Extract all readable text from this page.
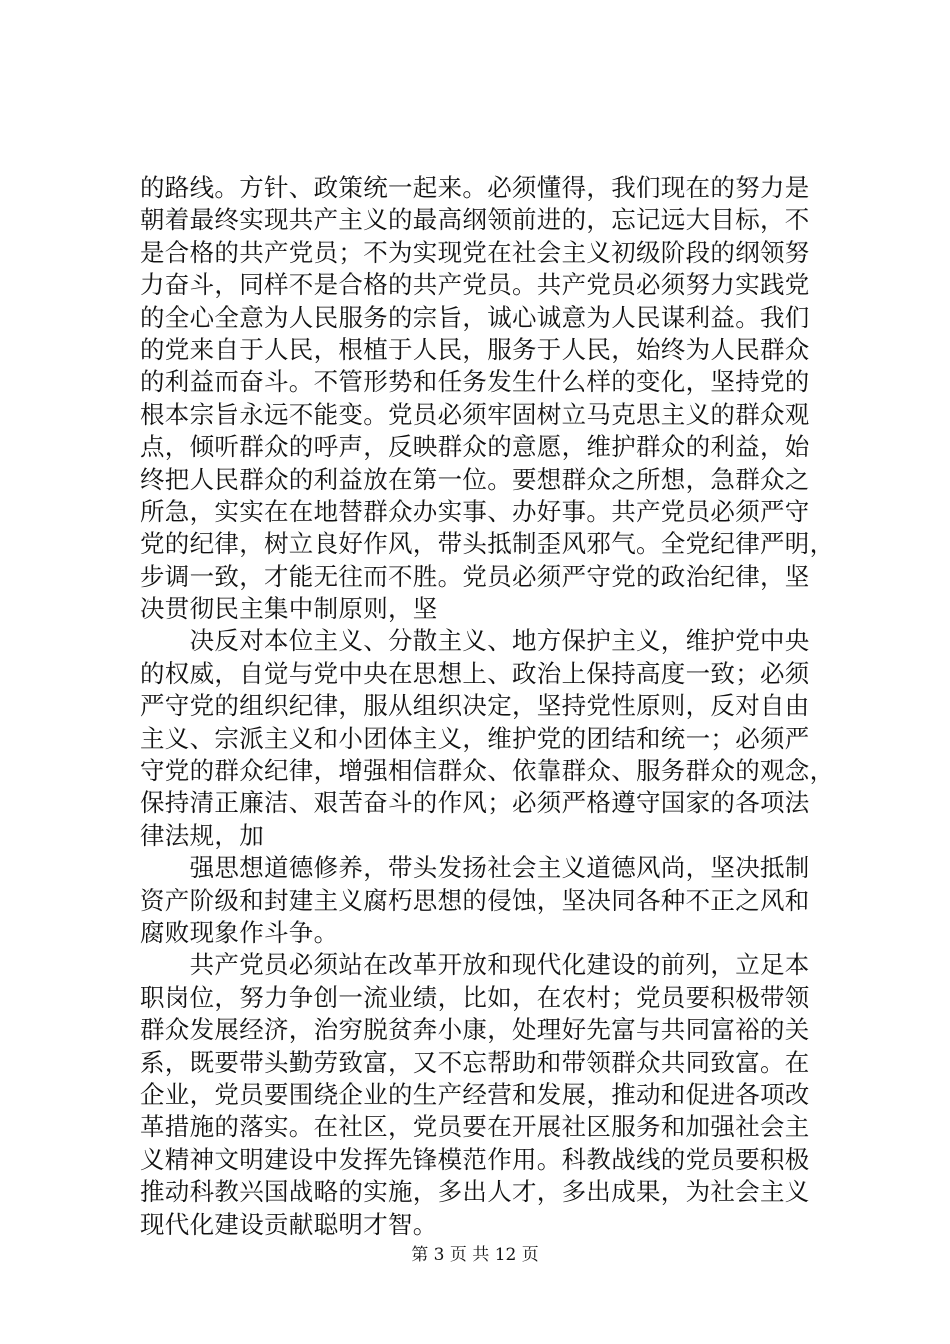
的路线。方针、政策统一起来。必须懂得，我们现在的努力是
朝着最终实现共产主义的最高纲领前进的，忘记远大目标，不
是合格的共产党员；不为实现党在社会主义初级阶段的纲领努
力奋斗，同样不是合格的共产党员。共产党员必须努力实践党
的全心全意为人民服务的宗旨，诚心诚意为人民谋利益。我们
的党来自于人民，根植于人民，服务于人民，始终为人民群众
的利益而奋斗。不管形势和任务发生什么样的变化，坚持党的
根本宗旨永远不能变。党员必须牢固树立马克思主义的群众观
点，倾听群众的呼声，反映群众的意愿，维护群众的利益，始
终把人民群众的利益放在第一位。要想群众之所想，急群众之
所急，实实在在地替群众办实事、办好事。共产党员必须严守
党的纪律，树立良好作风，带头抵制歪风邪气。全党纪律严明，
步调一致，才能无往而不胜。党员必须严守党的政治纪律，坚
决贯彻民主集中制原则，坚
　　决反对本位主义、分散主义、地方保护主义，维护党中央
的权威，自觉与党中央在思想上、政治上保持高度一致；必须
严守党的组织纪律，服从组织决定，坚持党性原则，反对自由
主义、宗派主义和小团体主义，维护党的团结和统一；必须严
守党的群众纪律，增强相信群众、依靠群众、服务群众的观念，
保持清正廉洁、艰苦奋斗的作风；必须严格遵守国家的各项法
律法规，加
　　强思想道德修养，带头发扬社会主义道德风尚，坚决抵制
资产阶级和封建主义腐朽思想的侵蚀，坚决同各种不正之风和
腐败现象作斗争。
　　共产党员必须站在改革开放和现代化建设的前列，立足本
职岗位，努力争创一流业绩，比如，在农村；党员要积极带领
群众发展经济，治穷脱贫奔小康，处理好先富与共同富裕的关
系，既要带头勤劳致富，又不忘帮助和带领群众共同致富。在
企业，党员要围绕企业的生产经营和发展，推动和促进各项改
革措施的落实。在社区，党员要在开展社区服务和加强社会主
义精神文明建设中发挥先锋模范作用。科教战线的党员要积极
推动科教兴国战略的实施，多出人才，多出成果，为社会主义
现代化建设贡献聪明才智。
第 3 页 共 12 页
